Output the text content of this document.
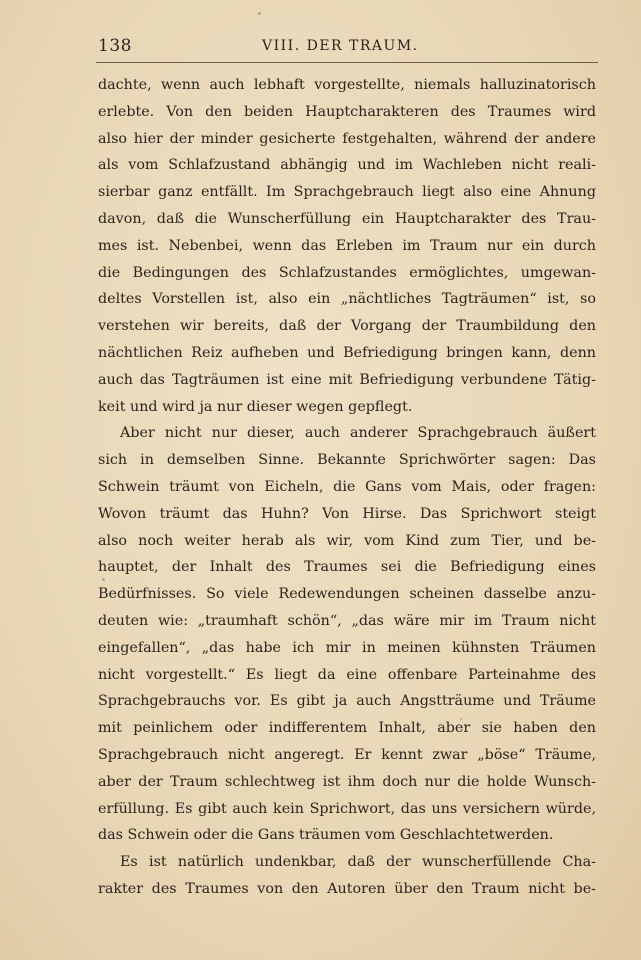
138	VIII. DER TRAUM.
dachte, wenn auch lebhaft vorgestellte, niemals halluzinatorisch
erlebte. Von den beiden Hauptcharakteren des Traumes wird
also hier der minder gesicherte festgehalten, während der andere
als vom Schlafzustand abhängig und im Wachleben nicht reali-
sierbar ganz entfällt. Im Sprachgebrauch liegt also eine Ahnung
davon, daß die Wunscherfüllung ein Hauptcharakter des Trau-
mes ist. Nebenbei, wenn das Erleben im Traum nur ein durch
die Bedingungen des Schlafzustandes ermöglichtes, umgewan-
deltes Vorstellen ist, also ein „nächtliches Tagträumen“ ist, so
verstehen wir bereits, daß der Vorgang der Traumbildung den
nächtlichen Reiz aufheben und Befriedigung bringen kann, denn
auch das Tagträumen ist eine mit Befriedigung verbundene Tätig-
keit und wird ja nur dieser wegen gepflegt.
Aber nicht nur dieser, auch anderer Sprachgebrauch äußert
sich in demselben Sinne. Bekannte Sprichwörter sagen: Das
Schwein träumt von Eicheln, die Gans vom Mais, oder fragen:
Wovon träumt das Huhn? Von Hirse. Das Sprichwort steigt
also noch weiter herab als wir, vom Kind zum Tier, und be-
hauptet, der Inhalt des Traumes sei die Befriedigung eines
Bedürfnisses. So viele Redewendungen scheinen dasselbe anzu-
deuten wie: „traumhaft schön“, „das wäre mir im Traum nicht
eingefallen“, „das habe ich mir in meinen kühnsten Träumen
nicht vorgestellt.“ Es liegt da eine offenbare Parteinahme des
Sprachgebrauchs vor. Es gibt ja auch Angstträume und Träume
mit peinlichem oder indifferentem Inhalt, aber sie haben den
Sprachgebrauch nicht angeregt. Er kennt zwar „böse“ Träume,
aber der Traum schlechtweg ist ihm doch nur die holde Wunsch-
erfüllung. Es gibt auch kein Sprichwort, das uns versichern würde,
das Schwein oder die Gans träumen vom Geschlachtetwerden.
Es ist natürlich undenkbar, daß der wunscherfüllende Cha-
rakter des Traumes von den Autoren über den Traum nicht be-
